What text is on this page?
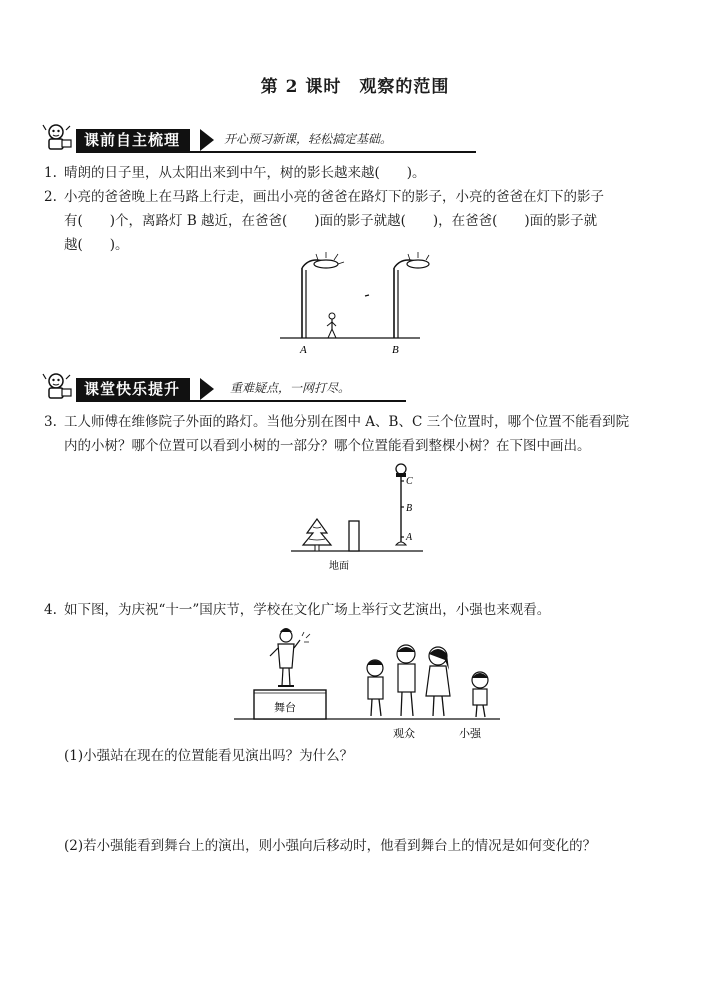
第 2 课时　观察的范围
课前自主梳理	开心预习新课，轻松搞定基础。
1. 晴朗的日子里，从太阳出来到中午，树的影长越来越(　　)。
2. 小亮的爸爸晚上在马路上行走，画出小亮的爸爸在路灯下的影子，小亮的爸爸在灯下的影子
有(　　)个，离路灯 B 越近，在爸爸(　　)面的影子就越(　　)，在爸爸(　　)面的影子就
越(　　)。
A	B
课堂快乐提升	重难疑点，一网打尽。
3. 工人师傅在维修院子外面的路灯。当他分别在图中 A、B、C 三个位置时，哪个位置不能看到院
内的小树？哪个位置可以看到小树的一部分？哪个位置能看到整棵小树？在下图中画出。
C
B
A
地面
4. 如下图，为庆祝“十一”国庆节，学校在文化广场上举行文艺演出，小强也来观看。
舞台
观众	小强
(1)小强站在现在的位置能看见演出吗？为什么？
(2)若小强能看到舞台上的演出，则小强向后移动时，他看到舞台上的情况是如何变化的？
